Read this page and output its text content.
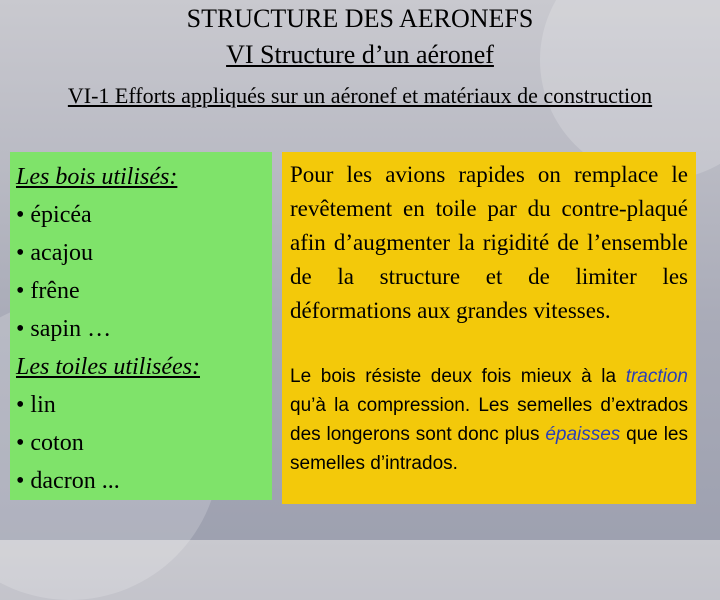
STRUCTURE DES AERONEFS
VI Structure d’un aéronef
VI-1 Efforts appliqués sur un aéronef et matériaux de construction
Les bois utilisés:
• épicéa
• acajou
• frêne
• sapin …
Les toiles utilisées:
• lin
• coton
• dacron ...
Pour les avions rapides on remplace le revêtement en toile par du contre-plaqué afin d’augmenter la rigidité de l’ensemble de la structure et de limiter les déformations aux grandes vitesses.
Le bois résiste deux fois mieux à la traction qu’à la compression. Les semelles d’extrados des longerons sont donc plus épaisses que les semelles d’intrados.
